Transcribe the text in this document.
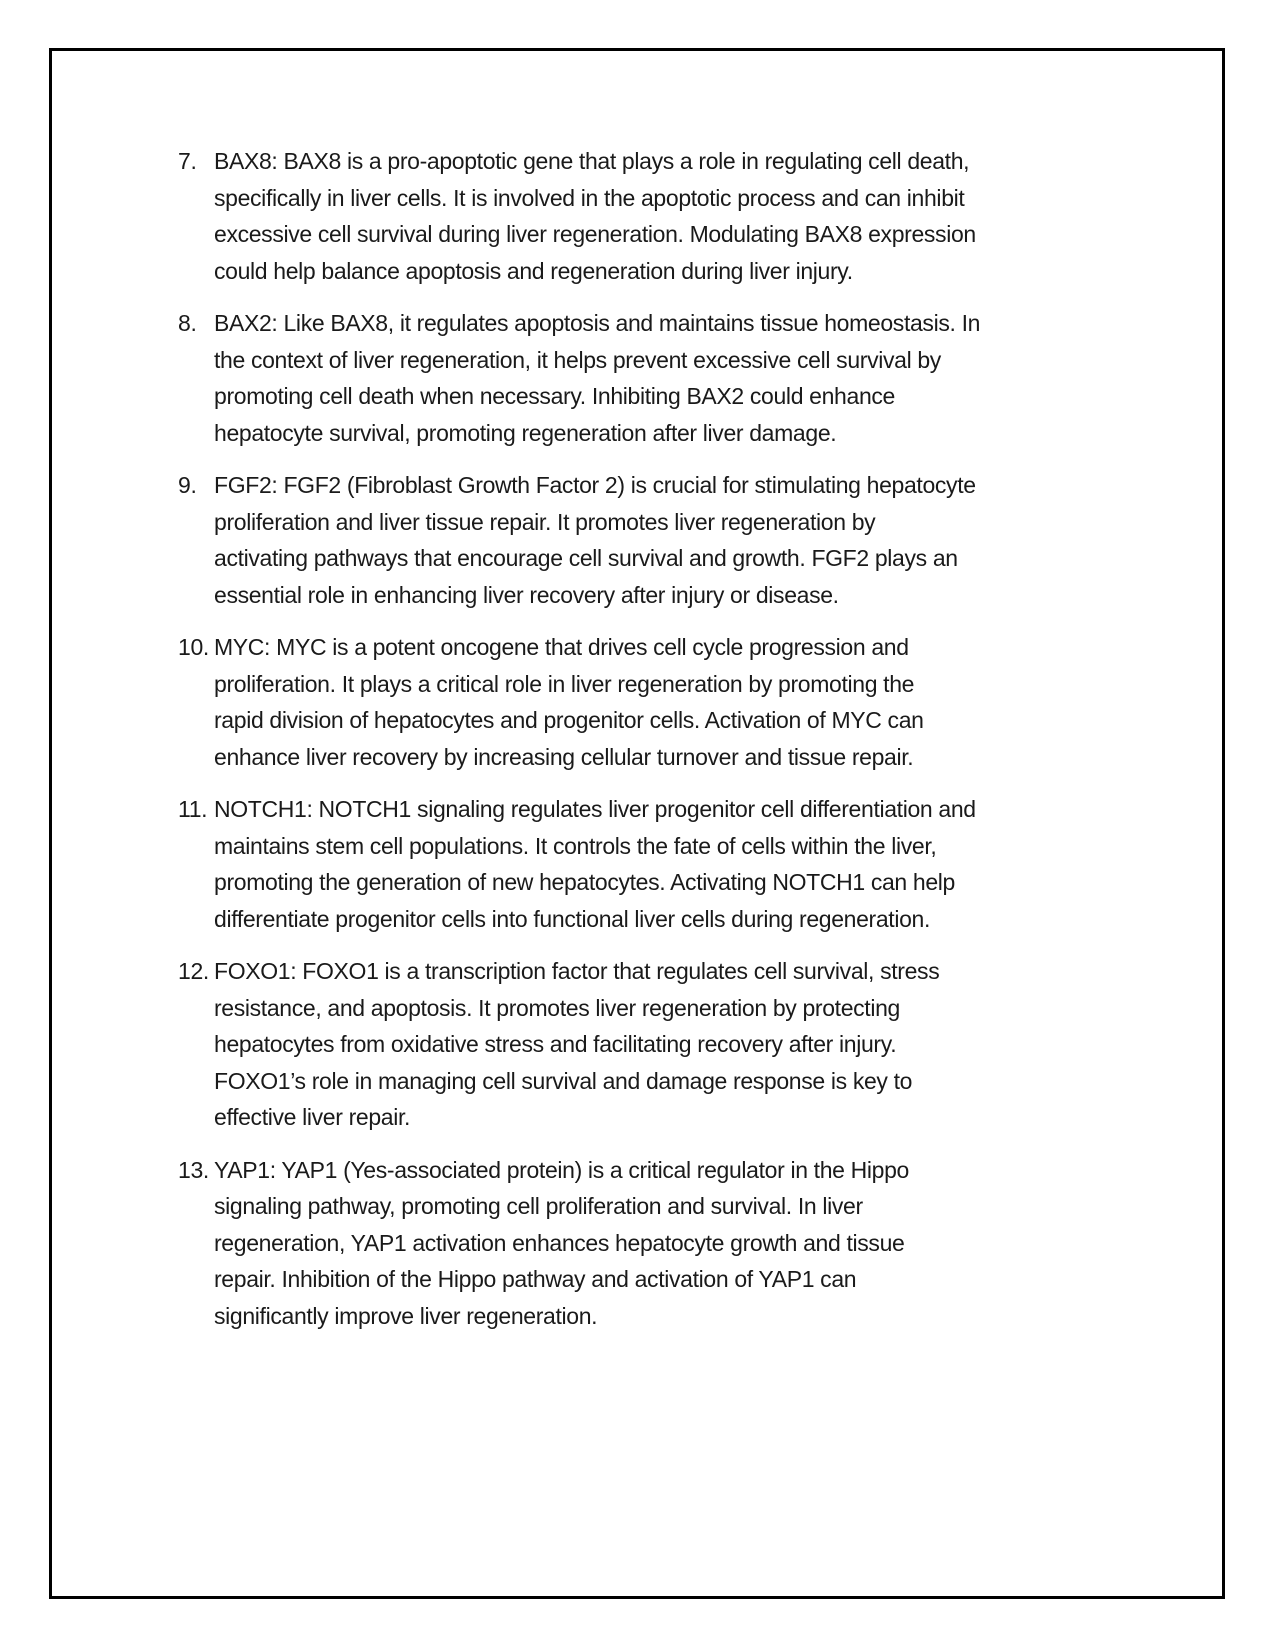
7. BAX8: BAX8 is a pro-apoptotic gene that plays a role in regulating cell death,
specifically in liver cells. It is involved in the apoptotic process and can inhibit
excessive cell survival during liver regeneration. Modulating BAX8 expression
could help balance apoptosis and regeneration during liver injury.
8. BAX2: Like BAX8, it regulates apoptosis and maintains tissue homeostasis. In
the context of liver regeneration, it helps prevent excessive cell survival by
promoting cell death when necessary. Inhibiting BAX2 could enhance
hepatocyte survival, promoting regeneration after liver damage.
9. FGF2: FGF2 (Fibroblast Growth Factor 2) is crucial for stimulating hepatocyte
proliferation and liver tissue repair. It promotes liver regeneration by
activating pathways that encourage cell survival and growth. FGF2 plays an
essential role in enhancing liver recovery after injury or disease.
10. MYC: MYC is a potent oncogene that drives cell cycle progression and
proliferation. It plays a critical role in liver regeneration by promoting the
rapid division of hepatocytes and progenitor cells. Activation of MYC can
enhance liver recovery by increasing cellular turnover and tissue repair.
11. NOTCH1: NOTCH1 signaling regulates liver progenitor cell differentiation and
maintains stem cell populations. It controls the fate of cells within the liver,
promoting the generation of new hepatocytes. Activating NOTCH1 can help
differentiate progenitor cells into functional liver cells during regeneration.
12. FOXO1: FOXO1 is a transcription factor that regulates cell survival, stress
resistance, and apoptosis. It promotes liver regeneration by protecting
hepatocytes from oxidative stress and facilitating recovery after injury.
FOXO1’s role in managing cell survival and damage response is key to
effective liver repair.
13. YAP1: YAP1 (Yes-associated protein) is a critical regulator in the Hippo
signaling pathway, promoting cell proliferation and survival. In liver
regeneration, YAP1 activation enhances hepatocyte growth and tissue
repair. Inhibition of the Hippo pathway and activation of YAP1 can
significantly improve liver regeneration.
